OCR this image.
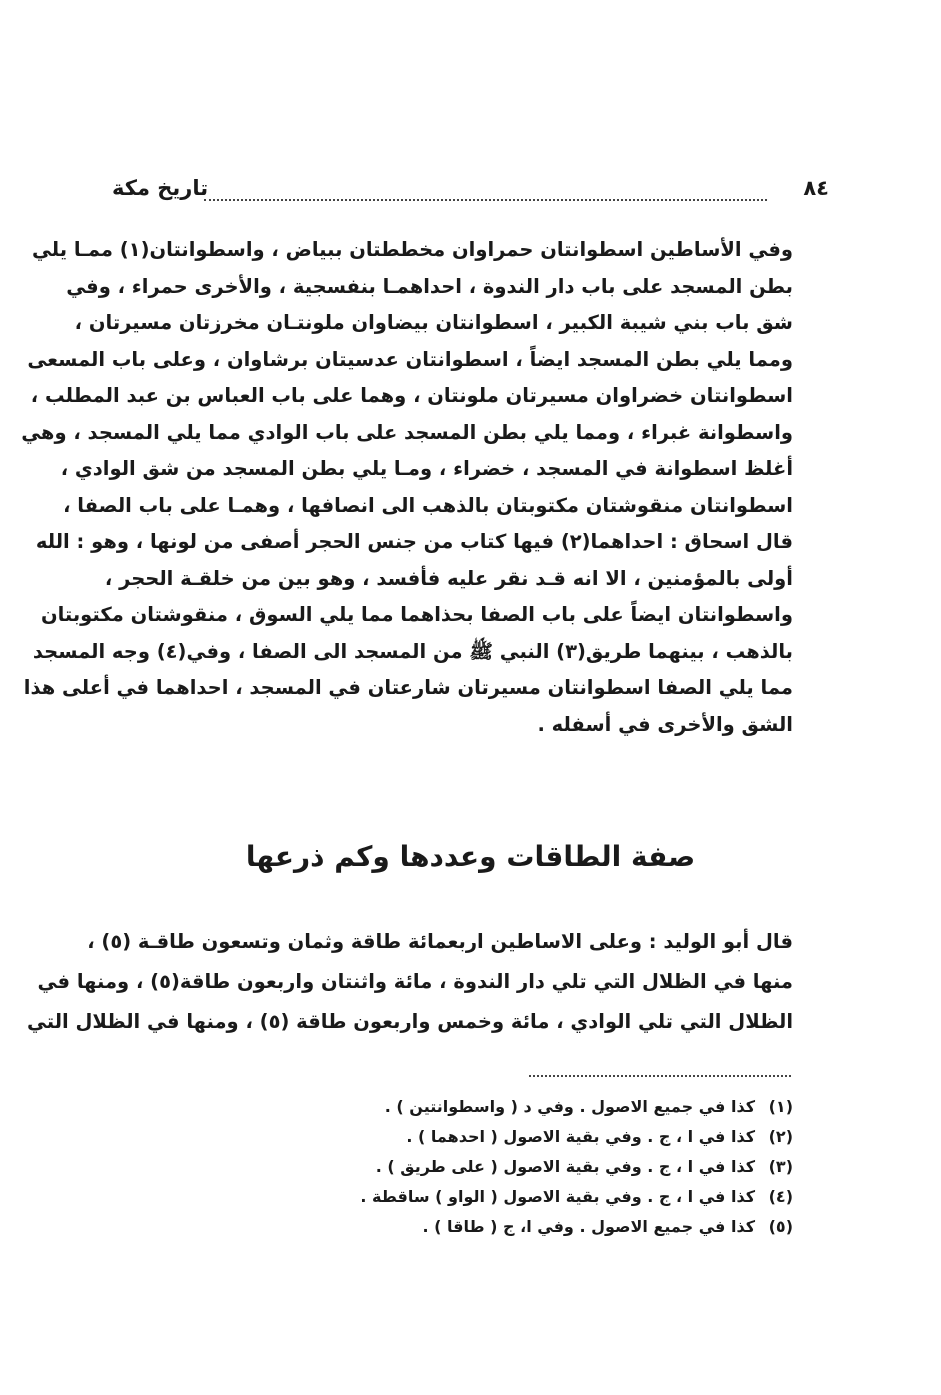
تاريخ مكة	٨٤
وفي الأساطين اسطوانتان حمراوان مخططتان ببياض ، واسطوانتان(١) ممـا يلي
بطن المسجد على باب دار الندوة ، احداهمـا بنفسجية ، والأخرى حمراء ، وفي
شق باب بني شيبة الكبير ، اسطوانتان بيضاوان ملونتـان مخرزتان مسيرتان ،
ومما يلي بطن المسجد ايضاً ، اسطوانتان عدسيتان برشاوان ، وعلى باب المسعى
اسطوانتان خضراوان مسيرتان ملونتان ، وهما على باب العباس بن عبد المطلب ،
واسطوانة غبراء ، ومما يلي بطن المسجد على باب الوادي مما يلي المسجد ، وهي
أغلظ اسطوانة في المسجد ، خضراء ، ومـا يلي بطن المسجد من شق الوادي ،
اسطوانتان منقوشتان مكتوبتان بالذهب الى انصافها ، وهمـا على باب الصفا ،
قال اسحاق : احداهما(٢) فيها كتاب من جنس الحجر أصفى من لونها ، وهو : الله
أولى بالمؤمنين ، الا انه قـد نقر عليه فأفسد ، وهو بين من خلقـة الحجر ،
واسطوانتان ايضاً على باب الصفا بحذاهما مما يلي السوق ، منقوشتان مكتوبتان
بالذهب ، بينهما طريق(٣) النبي ﷺ من المسجد الى الصفا ، وفي(٤) وجه المسجد
مما يلي الصفا اسطوانتان مسيرتان شارعتان في المسجد ، احداهما في أعلى هذا
الشق والأخرى في أسفله .
صفة الطاقات وعددها وكم ذرعها
قال أبو الوليد : وعلى الاساطين اربعمائة طاقة وثمان وتسعون طاقـة (٥) ،
منها في الظلال التي تلي دار الندوة ، مائة واثنتان واربعون طاقة(٥) ، ومنها في
الظلال التي تلي الوادي ، مائة وخمس واربعون طاقة (٥) ، ومنها في الظلال التي
(١)كذا في جميع الاصول . وفي د ( واسطوانتين ) .
(٢)كذا في ا ، ج . وفي بقية الاصول ( احدهما ) .
(٣)كذا في ا ، ج . وفي بقية الاصول ( على طريق ) .
(٤)كذا في ا ، ج . وفي بقية الاصول ( الواو ) ساقطة .
(٥)كذا في جميع الاصول . وفي ا، ج ( طاقا ) .
